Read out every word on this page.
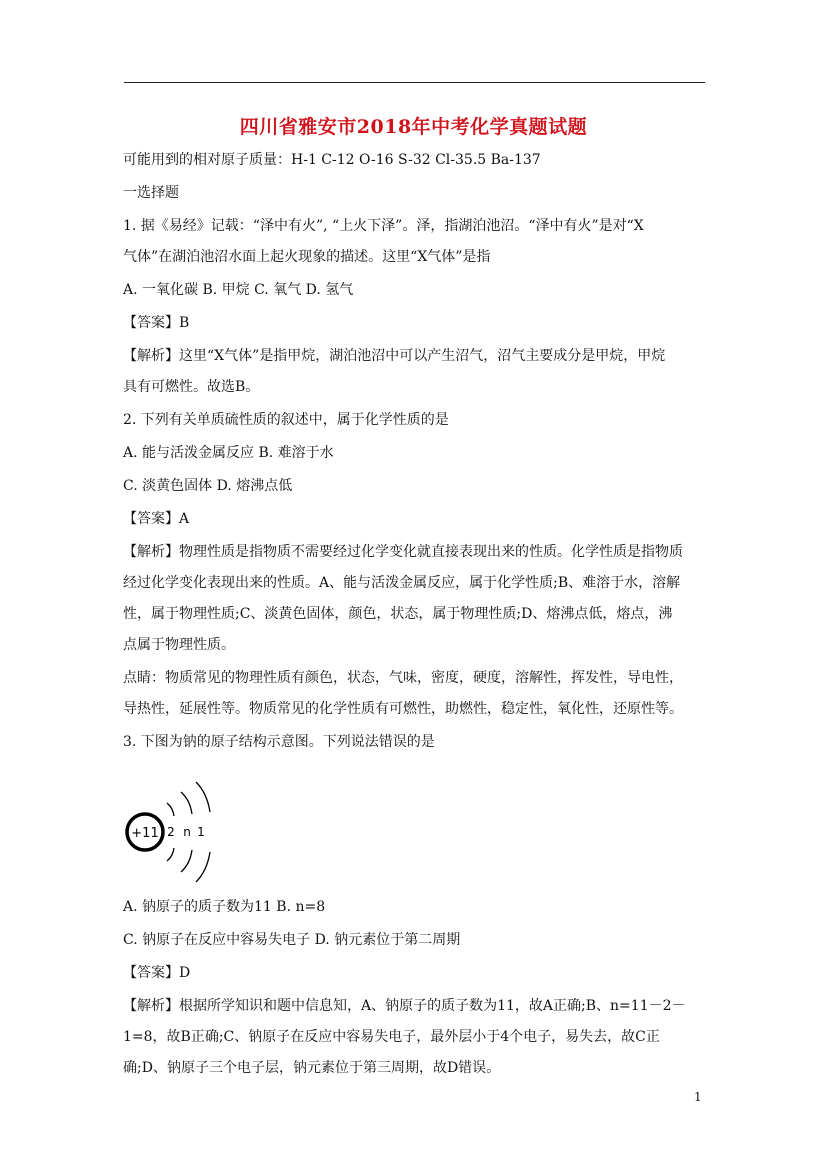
四川省雅安市2018年中考化学真题试题
可能用到的相对原子质量：H-1 C-12 O-16 S-32 Cl-35.5 Ba-137
一选择题
1. 据《易经》记载：“泽中有火”, “上火下泽”。泽，指湖泊池沼。“泽中有火”是对“X
气体”在湖泊池沼水面上起火现象的描述。这里“X气体”是指
A. 一氧化碳 B. 甲烷 C. 氧气 D. 氢气
【答案】B
【解析】这里“X气体”是指甲烷，湖泊池沼中可以产生沼气，沼气主要成分是甲烷，甲烷
具有可燃性。故选B。
2. 下列有关单质硫性质的叙述中，属于化学性质的是
A. 能与活泼金属反应 B. 难溶于水
C. 淡黄色固体 D. 熔沸点低
【答案】A
【解析】物理性质是指物质不需要经过化学变化就直接表现出来的性质。化学性质是指物质
经过化学变化表现出来的性质。A、能与活泼金属反应，属于化学性质;B、难溶于水，溶解
性，属于物理性质;C、淡黄色固体，颜色，状态，属于物理性质;D、熔沸点低，熔点，沸
点属于物理性质。
点睛：物质常见的物理性质有颜色，状态，气味，密度，硬度，溶解性，挥发性，导电性，
导热性，延展性等。物质常见的化学性质有可燃性，助燃性，稳定性，氧化性，还原性等。
3. 下图为钠的原子结构示意图。下列说法错误的是
+11 2 n 1
A. 钠原子的质子数为11 B. n=8
C. 钠原子在反应中容易失电子 D. 钠元素位于第二周期
【答案】D
【解析】根据所学知识和题中信息知，A、钠原子的质子数为11，故A正确;B、n=11－2－
1=8，故B正确;C、钠原子在反应中容易失电子，最外层小于4个电子，易失去，故C正
确;D、钠原子三个电子层，钠元素位于第三周期，故D错误。
1
